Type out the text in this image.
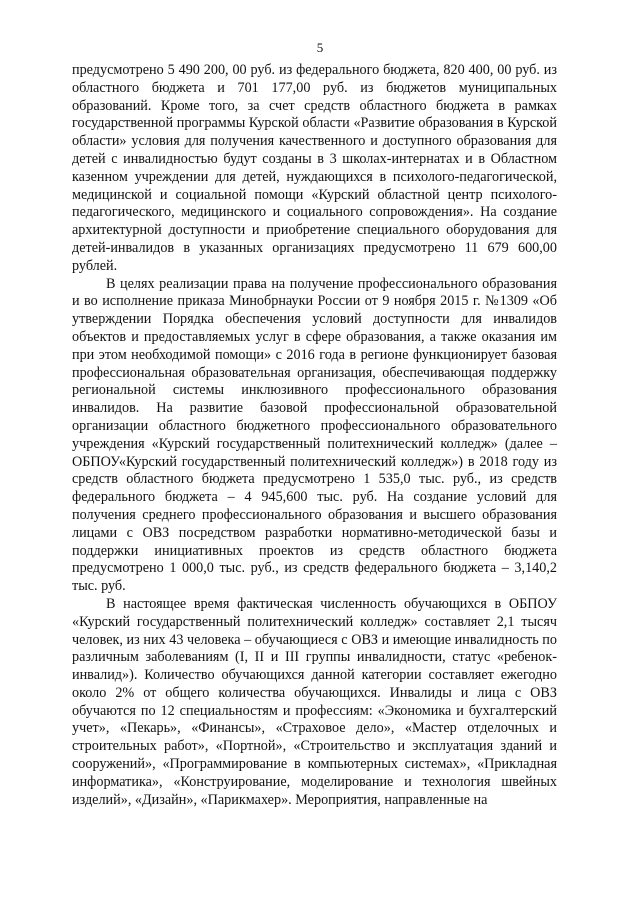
5

предусмотрено 5 490 200, 00 руб. из федерального бюджета, 820 400, 00 руб. из областного бюджета и 701 177,00 руб. из бюджетов муниципальных образований. Кроме того, за счет средств областного бюджета в рамках государственной программы Курской области «Развитие образования в Курской области» условия для получения качественного и доступного образования для детей с инвалидностью будут созданы в 3 школах-интернатах и в Областном казенном учреждении для детей, нуждающихся в психолого-педагогической, медицинской и социальной помощи «Курский областной центр психолого-педагогического, медицинского и социального сопровождения». На создание архитектурной доступности и приобретение специального оборудования для детей-инвалидов в указанных организациях предусмотрено 11 679 600,00 рублей.

В целях реализации права на получение профессионального образования и во исполнение приказа Минобрнауки России от 9 ноября 2015 г. №1309 «Об утверждении Порядка обеспечения условий доступности для инвалидов объектов и предоставляемых услуг в сфере образования, а также оказания им при этом необходимой помощи» с 2016 года в регионе функционирует базовая профессиональная образовательная организация, обеспечивающая поддержку региональной системы инклюзивного профессионального образования инвалидов. На развитие базовой профессиональной образовательной организации областного бюджетного профессионального образовательного учреждения «Курский государственный политехнический колледж» (далее – ОБПОУ«Курский государственный политехнический колледж») в 2018 году из средств областного бюджета предусмотрено 1 535,0 тыс. руб., из средств федерального бюджета – 4 945,600 тыс. руб. На создание условий для получения среднего профессионального образования и высшего образования лицами с ОВЗ посредством разработки нормативно-методической базы и поддержки инициативных проектов из средств областного бюджета предусмотрено 1 000,0 тыс. руб., из средств федерального бюджета – 3,140,2 тыс. руб.

В настоящее время фактическая численность обучающихся в ОБПОУ «Курский государственный политехнический колледж» составляет 2,1 тысяч человек, из них 43 человека – обучающиеся с ОВЗ и имеющие инвалидность по различным заболеваниям (I, II и III группы инвалидности, статус «ребенок-инвалид»). Количество обучающихся данной категории составляет ежегодно около 2% от общего количества обучающихся. Инвалиды и лица с ОВЗ обучаются по 12 специальностям и профессиям: «Экономика и бухгалтерский учет», «Пекарь», «Финансы», «Страховое дело», «Мастер отделочных и строительных работ», «Портной», «Строительство и эксплуатация зданий и сооружений», «Программирование в компьютерных системах», «Прикладная информатика», «Конструирование, моделирование и технология швейных изделий», «Дизайн», «Парикмахер». Мероприятия, направленные на
